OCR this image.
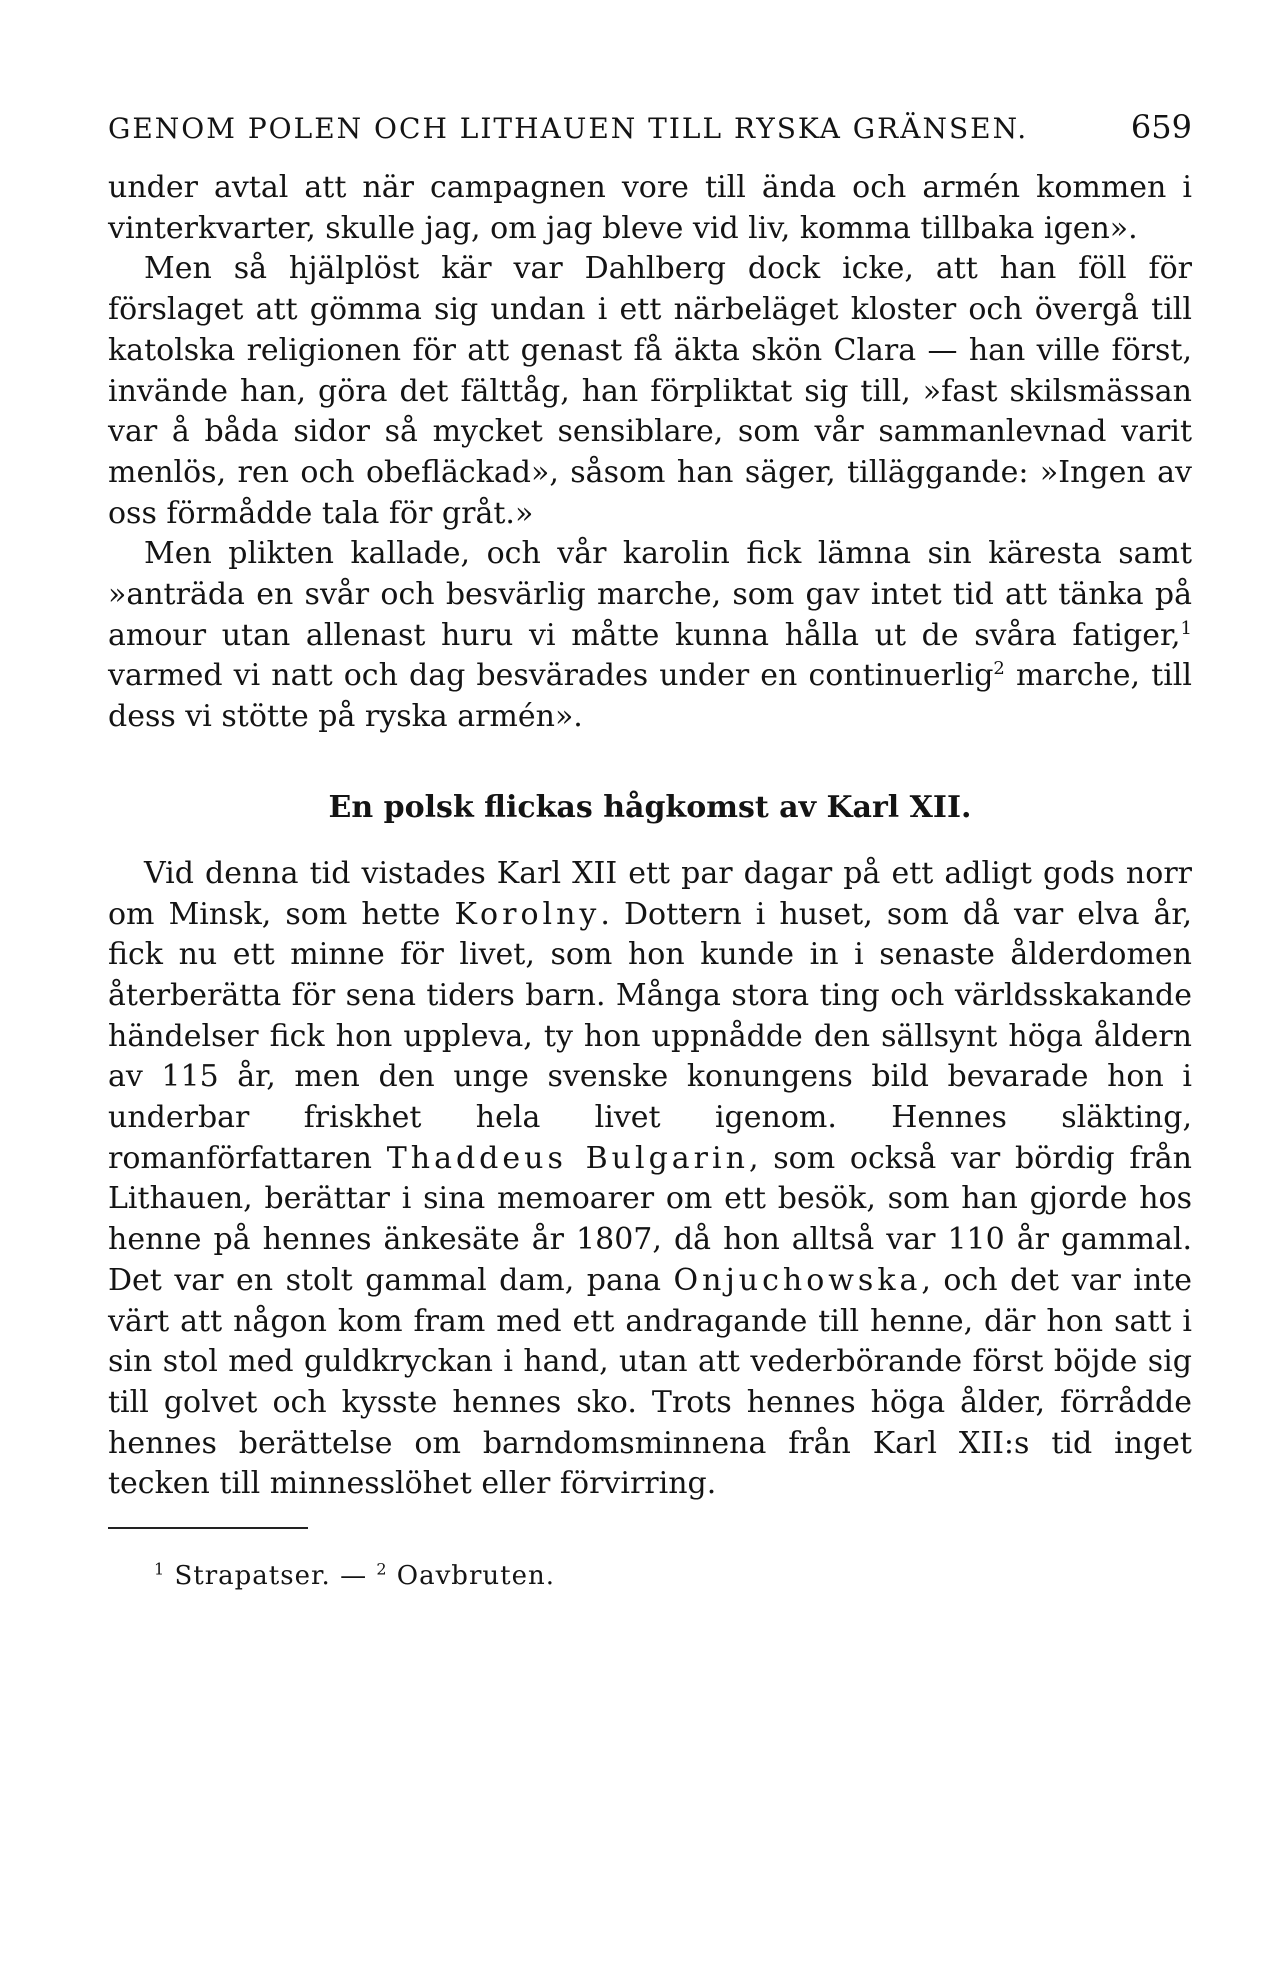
GENOM POLEN OCH LITHAUEN TILL RYSKA GRÄNSEN.	659

under avtal att när campagnen vore till ända och armén kommen i vinterkvarter, skulle jag, om jag bleve vid liv, komma tillbaka igen».

Men så hjälplöst kär var Dahlberg dock icke, att han föll för förslaget att gömma sig undan i ett närbeläget kloster och övergå till katolska religionen för att genast få äkta skön Clara — han ville först, invände han, göra det fälttåg, han förpliktat sig till, »fast skilsmässan var å båda sidor så mycket sensiblare, som vår sammanlevnad varit menlös, ren och obefläckad», såsom han säger, tilläggande: »Ingen av oss förmådde tala för gråt.»

Men plikten kallade, och vår karolin fick lämna sin käresta samt »anträda en svår och besvärlig marche, som gav intet tid att tänka på amour utan allenast huru vi måtte kunna hålla ut de svåra fatiger,$^1$ varmed vi natt och dag besvärades under en continuerlig$^2$ marche, till dess vi stötte på ryska armén».

En polsk flickas hågkomst av Karl XII.

Vid denna tid vistades Karl XII ett par dagar på ett adligt gods norr om Minsk, som hette Korolny. Dottern i huset, som då var elva år, fick nu ett minne för livet, som hon kunde in i senaste ålderdomen återberätta för sena tiders barn. Många stora ting och världsskakande händelser fick hon uppleva, ty hon uppnådde den sällsynt höga åldern av 115 år, men den unge svenske konungens bild bevarade hon i underbar friskhet hela livet igenom. Hennes släkting, romanförfattaren Thaddeus Bulgarin, som också var bördig från Lithauen, berättar i sina memoarer om ett besök, som han gjorde hos henne på hennes änkesäte år 1807, då hon alltså var 110 år gammal. Det var en stolt gammal dam, pana Onjuchowska, och det var inte värt att någon kom fram med ett andragande till henne, där hon satt i sin stol med guldkryckan i hand, utan att vederbörande först böjde sig till golvet och kysste hennes sko. Trots hennes höga ålder, förrådde hennes berättelse om barndomsminnena från Karl XII:s tid inget tecken till minnesslöhet eller förvirring.

$^1$ Strapatser. — $^2$ Oavbruten.
